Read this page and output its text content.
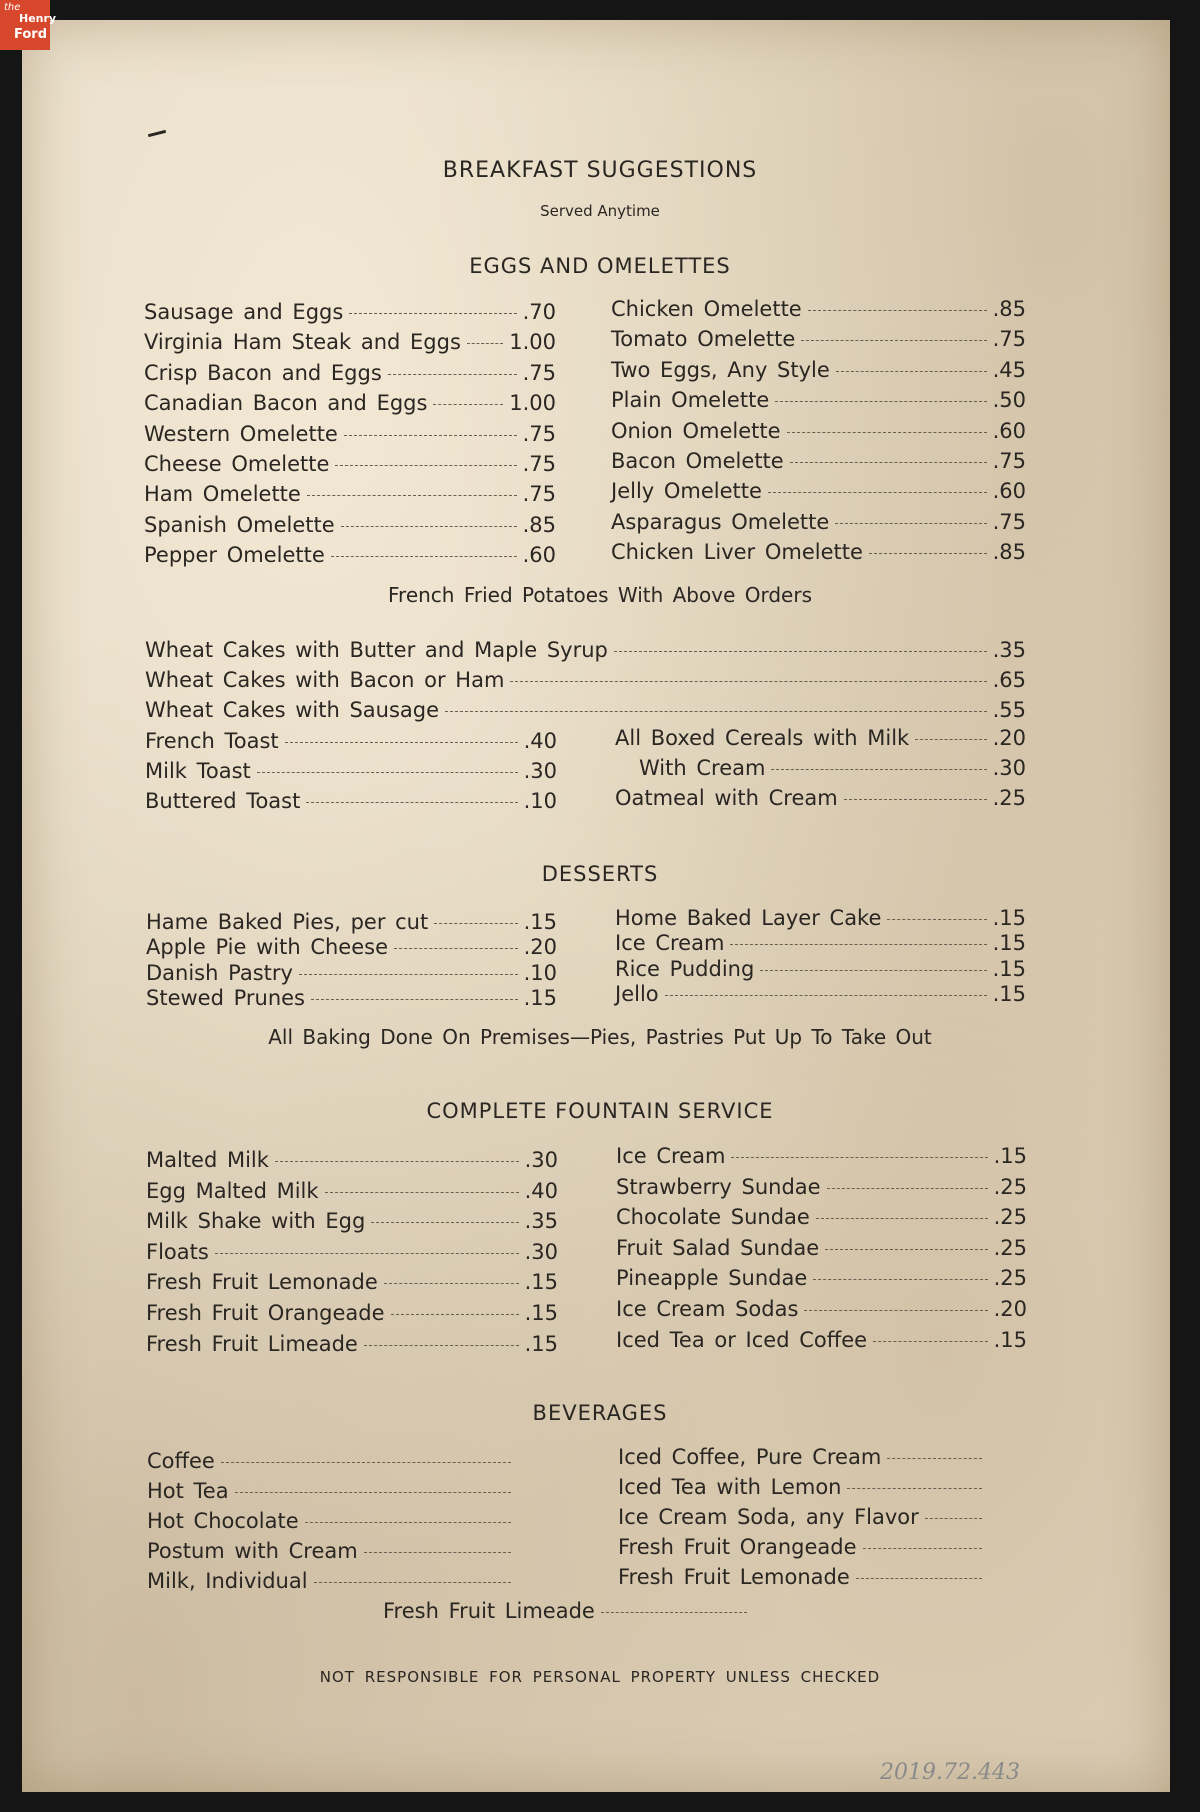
the
Henry
Ford
BREAKFAST SUGGESTIONS
Served Anytime
EGGS AND OMELETTES
Sausage and Eggs	.70
Virginia Ham Steak and Eggs 1.00
Crisp Bacon and Eggs	.75
Canadian Bacon and Eggs	1.00
Western Omelette	.75
Cheese Omelette	.75
Ham Omelette	.75
Spanish Omelette	.85
Pepper Omelette	.60
Chicken Omelette	.85
Tomato Omelette	.75
Two Eggs, Any Style	.45
Plain Omelette	.50
Onion Omelette	.60
Bacon Omelette	.75
Jelly Omelette	.60
Asparagus Omelette	.75
Chicken Liver Omelette	.85
French Fried Potatoes With Above Orders
Wheat Cakes with Butter and Maple Syrup	.35
Wheat Cakes with Bacon or Ham	.65
Wheat Cakes with Sausage	.55
French Toast	.40
Milk Toast	.30
Buttered Toast	.10
All Boxed Cereals with Milk	.20
With Cream	.30
Oatmeal with Cream	.25
DESSERTS
Hame Baked Pies, per cut	.15
Apple Pie with Cheese	.20
Danish Pastry	.10
Stewed Prunes	.15
Home Baked Layer Cake	.15
Ice Cream	.15
Rice Pudding	.15
Jello	.15
All Baking Done On Premises—Pies, Pastries Put Up To Take Out
COMPLETE FOUNTAIN SERVICE
Malted Milk	.30
Egg Malted Milk	.40
Milk Shake with Egg	.35
Floats	.30
Fresh Fruit Lemonade	.15
Fresh Fruit Orangeade	.15
Fresh Fruit Limeade	.15
Ice Cream	.15
Strawberry Sundae	.25
Chocolate Sundae	.25
Fruit Salad Sundae	.25
Pineapple Sundae	.25
Ice Cream Sodas	.20
Iced Tea or Iced Coffee	.15
BEVERAGES
Coffee
Hot Tea
Hot Chocolate
Postum with Cream
Milk, Individual
Iced Coffee, Pure Cream
Iced Tea with Lemon
Ice Cream Soda, any Flavor
Fresh Fruit Orangeade
Fresh Fruit Lemonade
Fresh Fruit Limeade
NOT RESPONSIBLE FOR PERSONAL PROPERTY UNLESS CHECKED
2019.72.443
